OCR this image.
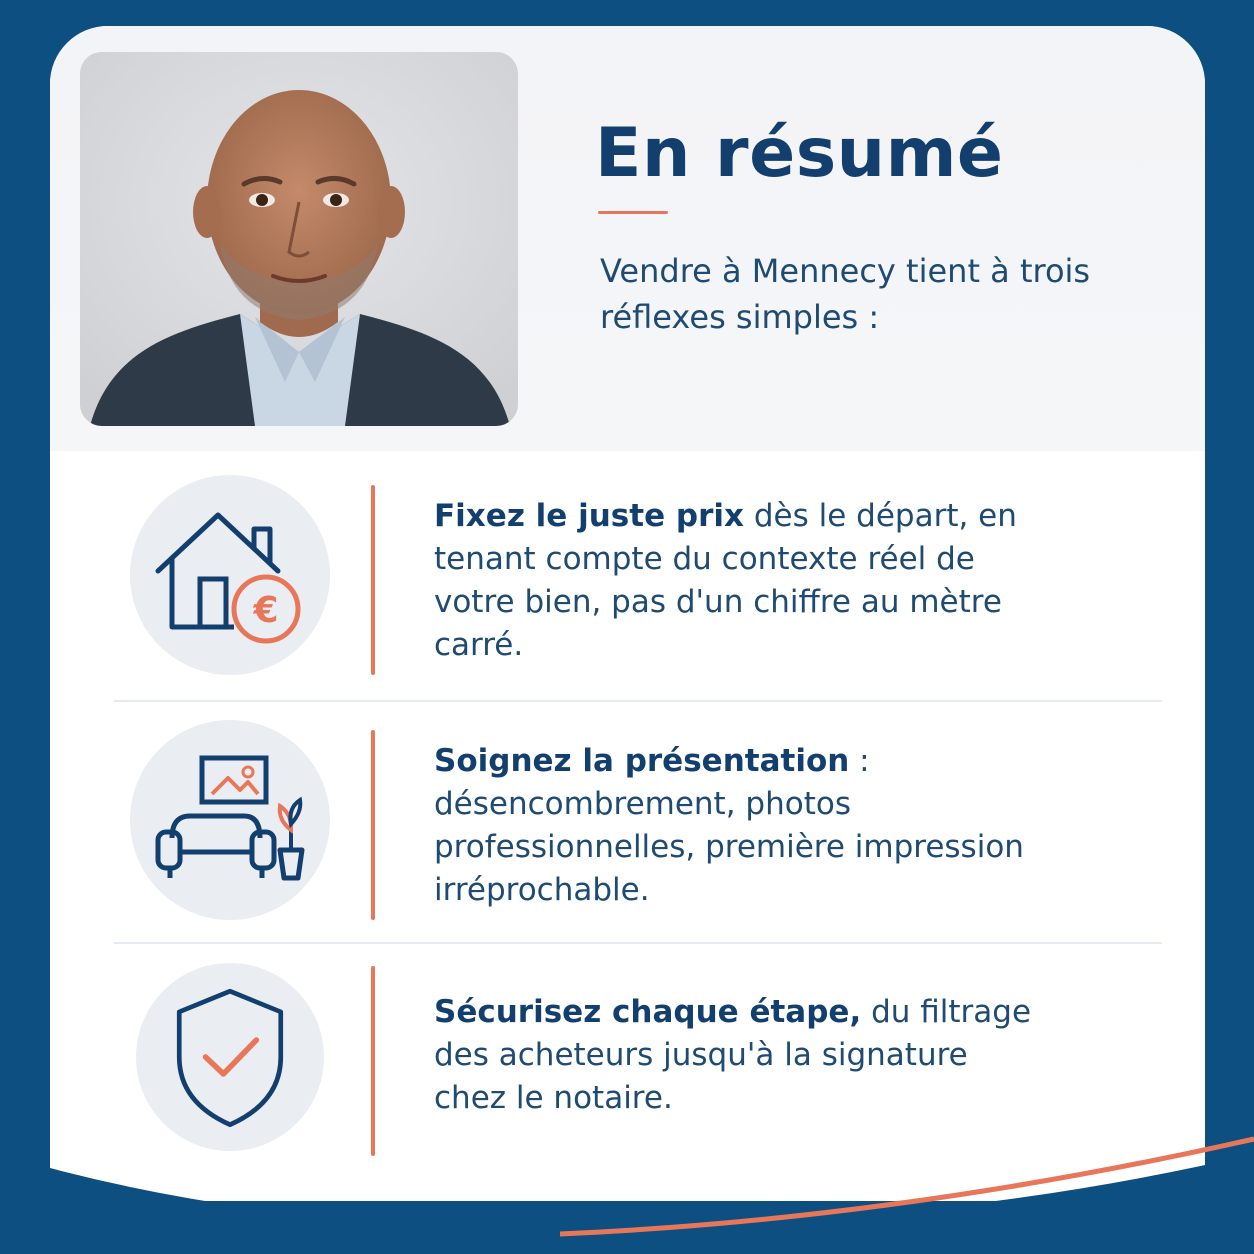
En résumé
Vendre à Mennecy tient à trois réflexes simples :
€
Fixez le juste prix dès le départ, en tenant compte du contexte réel de votre bien, pas d'un chiffre au mètre carré.
Soignez la présentation : désencombrement, photos professionnelles, première impression irréprochable.
Sécurisez chaque étape, du filtrage des acheteurs jusqu'à la signature chez le notaire.
